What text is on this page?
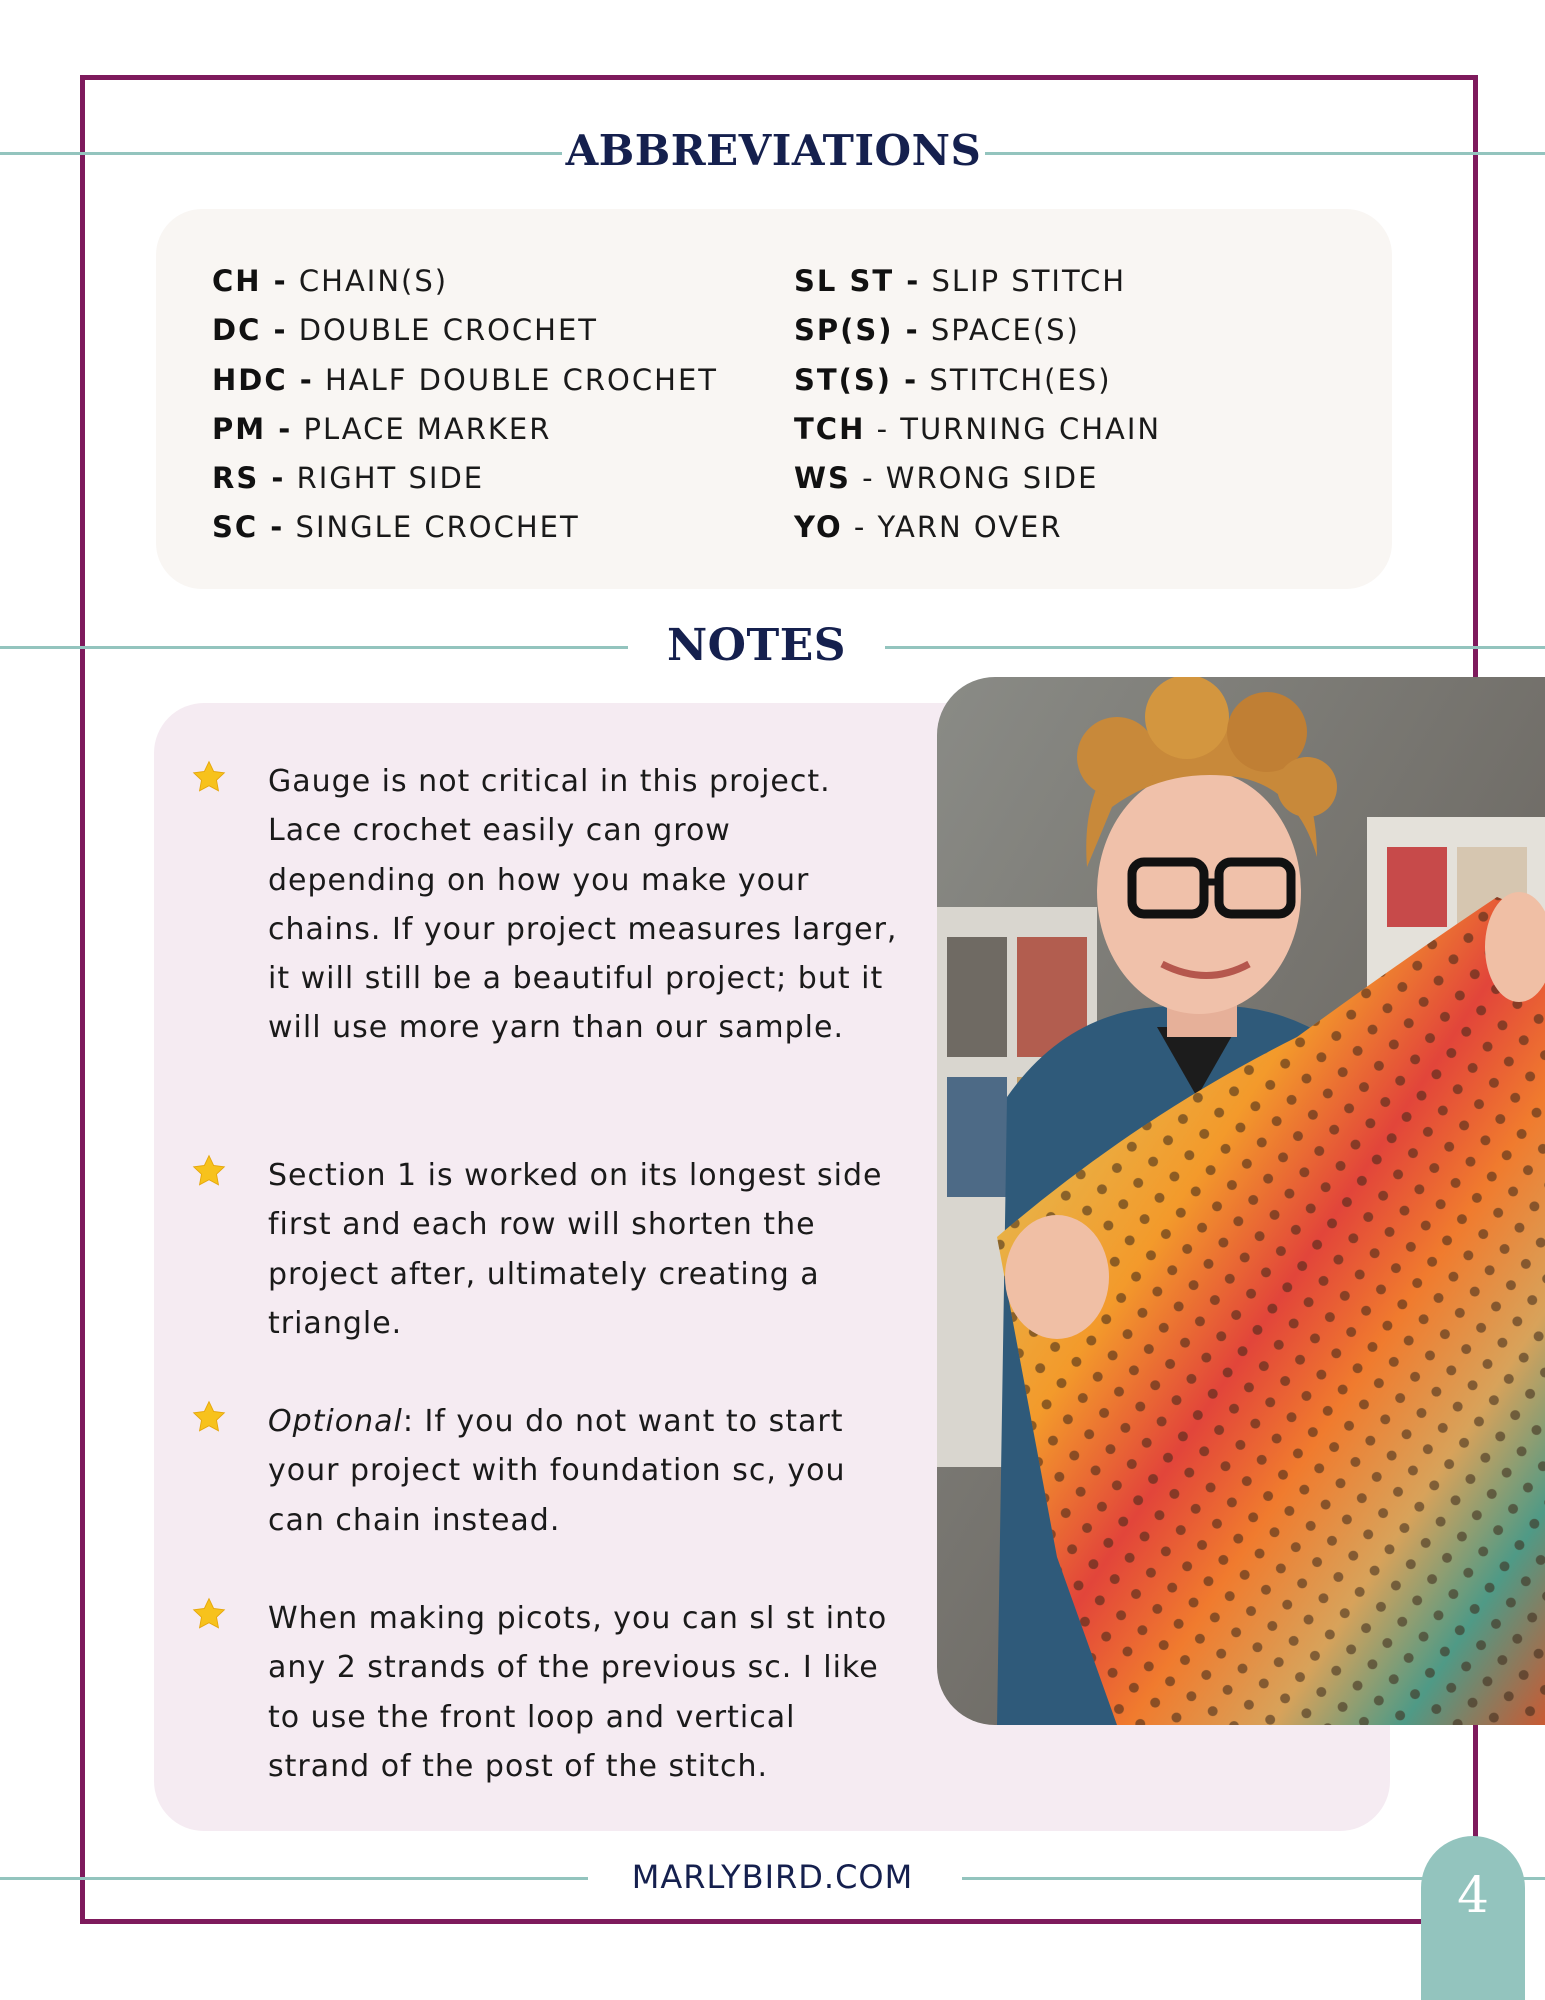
ABBREVIATIONS
CH - CHAIN(S)
DC - DOUBLE CROCHET
HDC - HALF DOUBLE CROCHET
PM - PLACE MARKER
RS - RIGHT SIDE
SC - SINGLE CROCHET
SL ST - SLIP STITCH
SP(S) - SPACE(S)
ST(S) - STITCH(ES)
TCH - TURNING CHAIN
WS - WRONG SIDE
YO - YARN OVER
NOTES
Gauge is not critical in this project. Lace crochet easily can grow depending on how you make your chains. If your project measures larger, it will still be a beautiful project; but it will use more yarn than our sample.
Section 1 is worked on its longest side first and each row will shorten the project after, ultimately creating a triangle.
Optional: If you do not want to start your project with foundation sc, you can chain instead.
When making picots, you can sl st into any 2 strands of the previous sc. I like to use the front loop and vertical strand of the post of the stitch.
MARLYBIRD.COM	4
